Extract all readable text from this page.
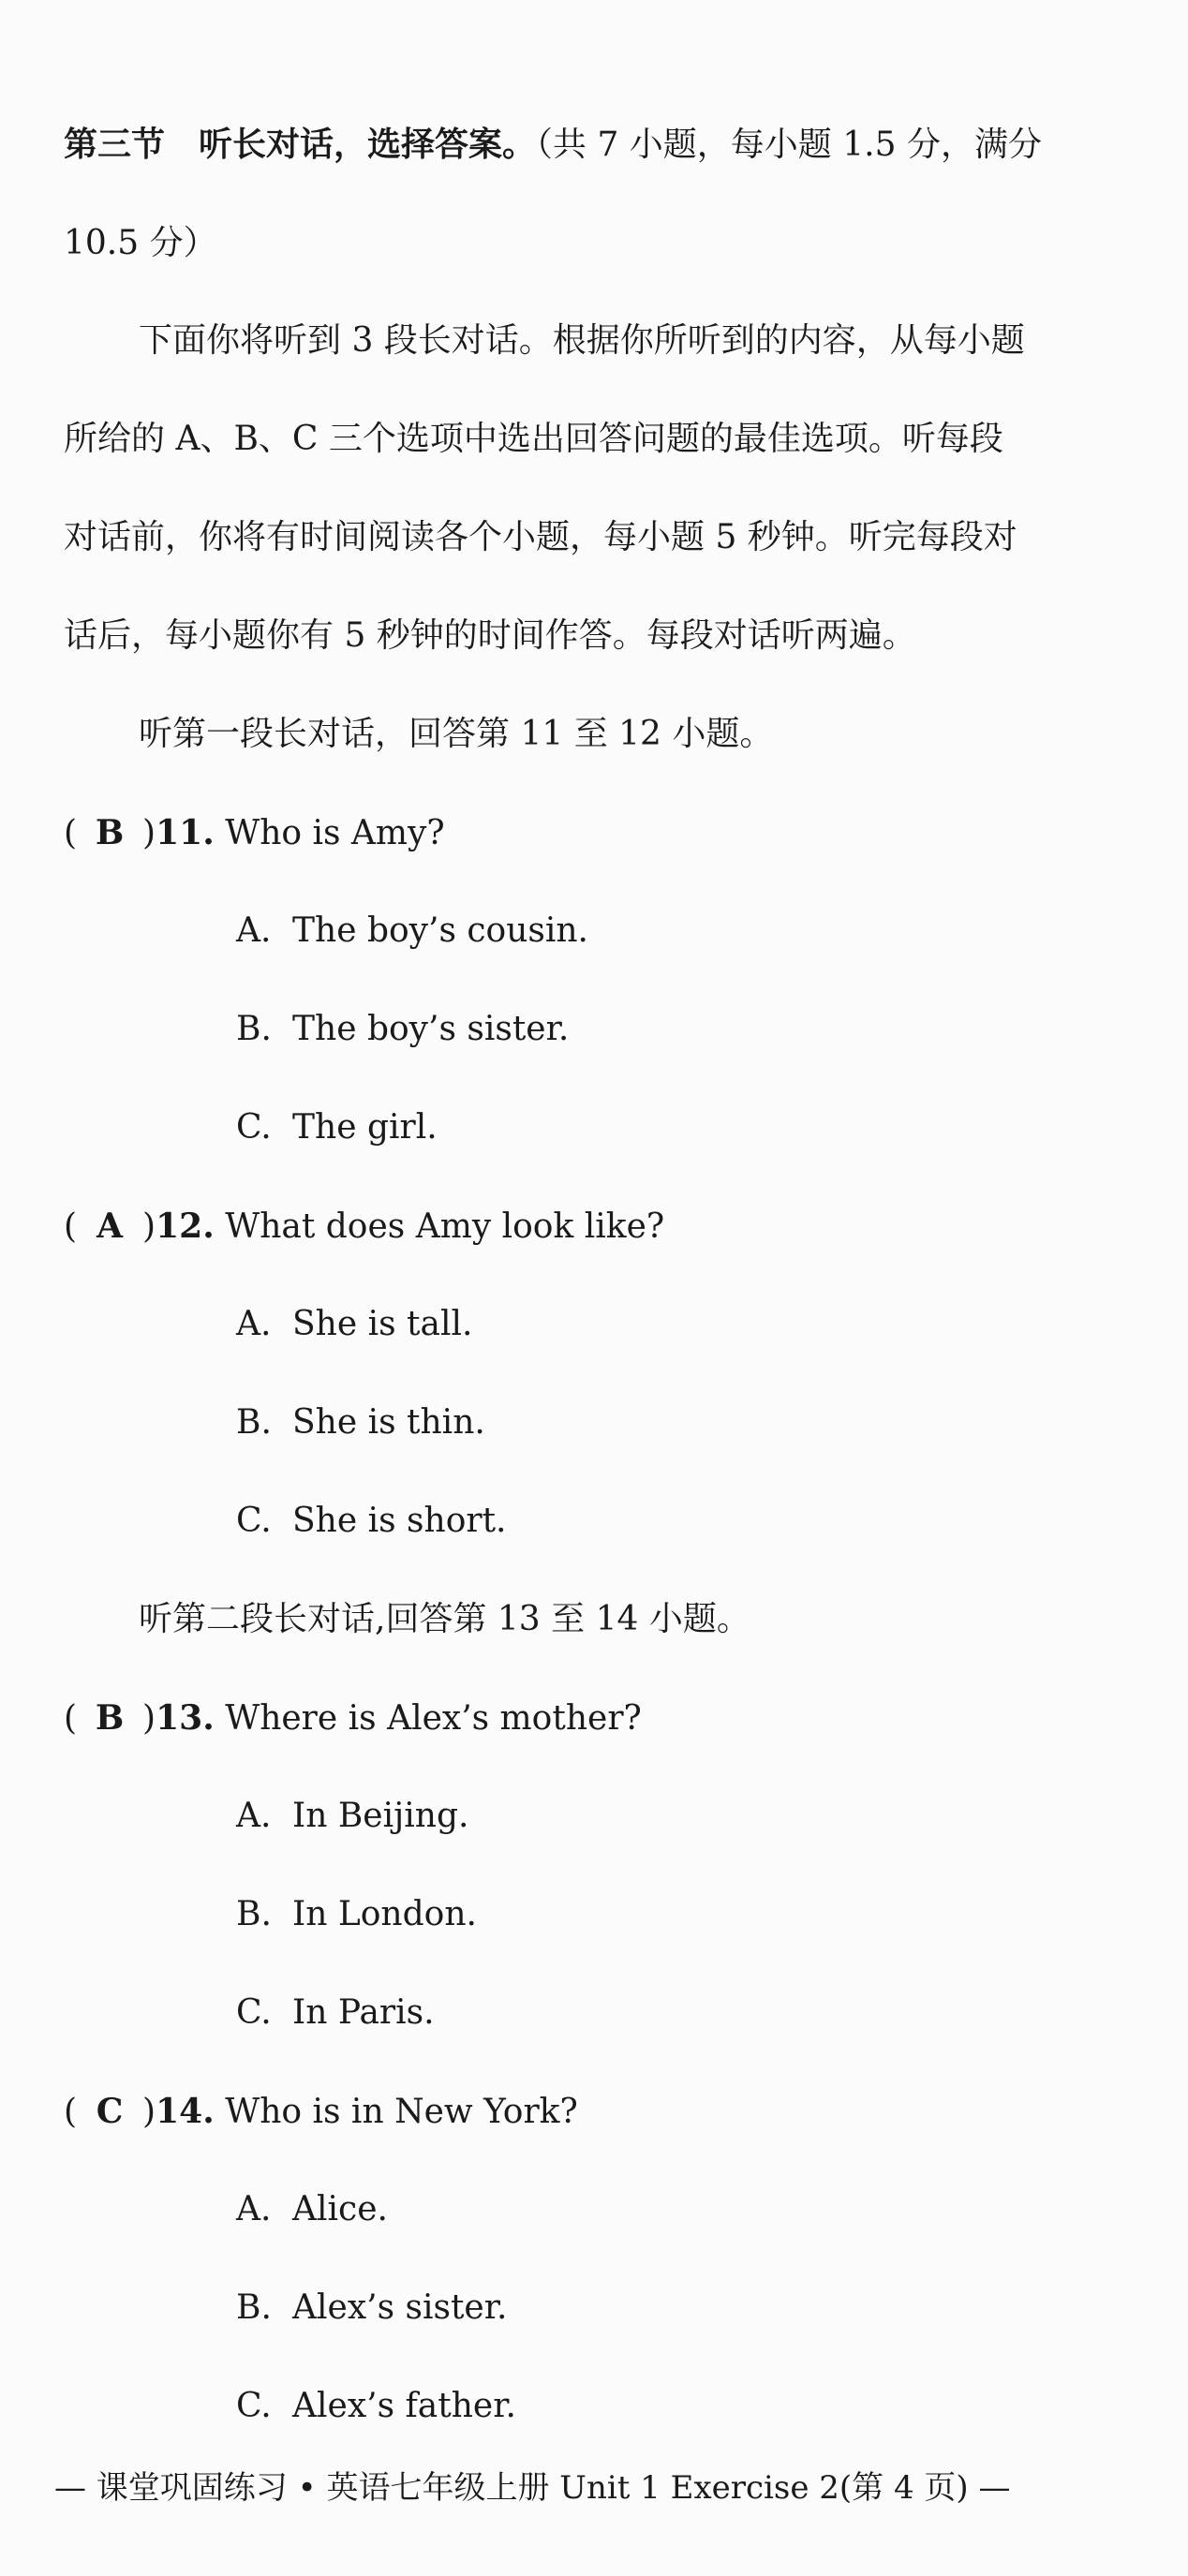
第三节　听长对话，选择答案。（共 7 小题，每小题 1.5 分，满分
10.5 分）
下面你将听到 3 段长对话。根据你所听到的内容，从每小题
所给的 A、B、C 三个选项中选出回答问题的最佳选项。听每段
对话前，你将有时间阅读各个小题，每小题 5 秒钟。听完每段对
话后，每小题你有 5 秒钟的时间作答。每段对话听两遍。
听第一段长对话，回答第 11 至 12 小题。
( B )11. Who is Amy?
A. The boy’s cousin.
B. The boy’s sister.
C. The girl.
( A )12. What does Amy look like?
A. She is tall.
B. She is thin.
C. She is short.
听第二段长对话,回答第 13 至 14 小题。
( B )13. Where is Alex’s mother?
A. In Beijing.
B. In London.
C. In Paris.
( C )14. Who is in New York?
A. Alice.
B. Alex’s sister.
C. Alex’s father.
— 课堂巩固练习 • 英语七年级上册 Unit 1 Exercise 2(第 4 页) —
